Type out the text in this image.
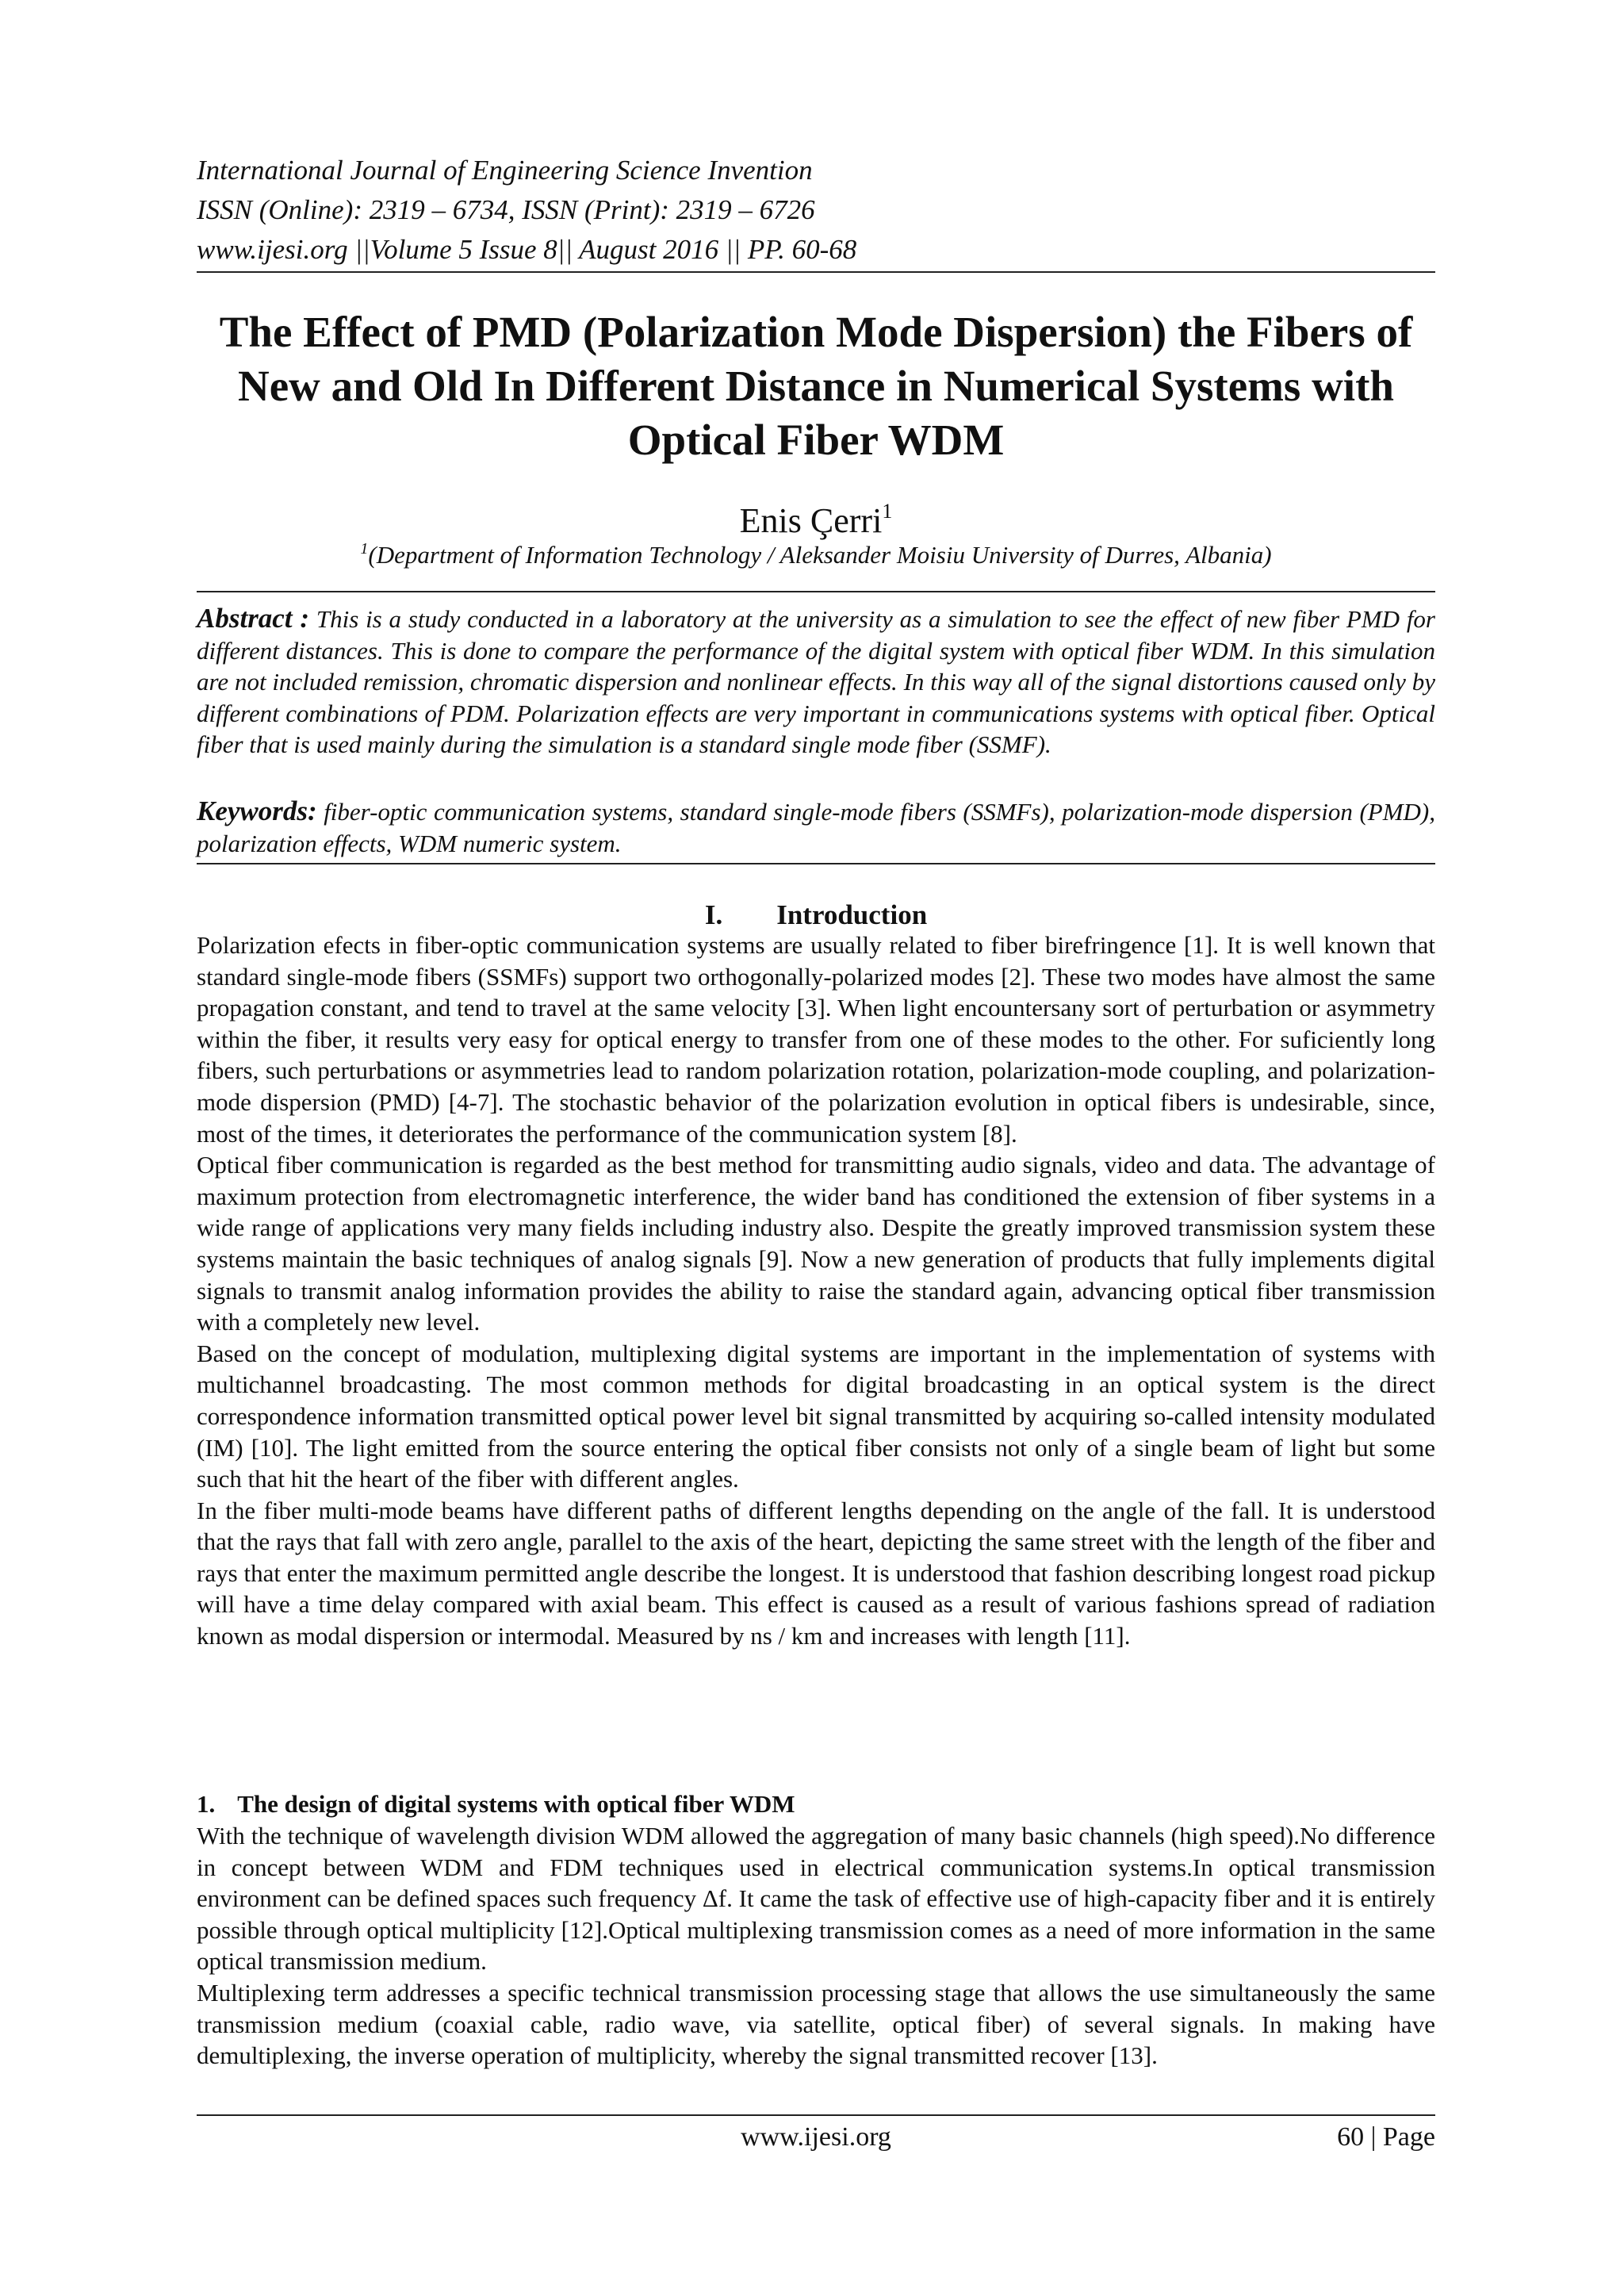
International Journal of Engineering Science Invention
ISSN (Online): 2319 – 6734, ISSN (Print): 2319 – 6726
www.ijesi.org ||Volume 5 Issue 8|| August 2016 || PP. 60-68
The Effect of PMD (Polarization Mode Dispersion) the Fibers of
New and Old In Different Distance in Numerical Systems with
Optical Fiber WDM
Enis Çerri$^1$
$^1$(Department of Information Technology / Aleksander Moisiu University of Durres, Albania)
Abstract : This is a study conducted in a laboratory at the university as a simulation to see the effect of new fiber PMD for different distances. This is done to compare the performance of the digital system with optical fiber WDM. In this simulation are not included remission, chromatic dispersion and nonlinear effects. In this way all of the signal distortions caused only by different combinations of PDM. Polarization effects are very important in communications systems with optical fiber. Optical fiber that is used mainly during the simulation is a standard single mode fiber (SSMF).
Keywords: fiber-optic communication systems, standard single-mode fibers (SSMFs), polarization-mode dispersion (PMD), polarization effects, WDM numeric system.
I. Introduction

Polarization efects in fiber-optic communication systems are usually related to fiber birefringence [1]. It is well known that standard single-mode fibers (SSMFs) support two orthogonally-polarized modes [2]. These two modes have almost the same propagation constant, and tend to travel at the same velocity [3]. When light encountersany sort of perturbation or asymmetry within the fiber, it results very easy for optical energy to transfer from one of these modes to the other. For suficiently long fibers, such perturbations or asymmetries lead to random polarization rotation, polarization-mode coupling, and polarization-mode dispersion (PMD) [4-7]. The stochastic behavior of the polarization evolution in optical fibers is undesirable, since, most of the times, it deteriorates the performance of the communication system [8].

Optical fiber communication is regarded as the best method for transmitting audio signals, video and data. The advantage of maximum protection from electromagnetic interference, the wider band has conditioned the extension of fiber systems in a wide range of applications very many fields including industry also. Despite the greatly improved transmission system these systems maintain the basic techniques of analog signals [9]. Now a new generation of products that fully implements digital signals to transmit analog information provides the ability to raise the standard again, advancing optical fiber transmission with a completely new level.

Based on the concept of modulation, multiplexing digital systems are important in the implementation of systems with multichannel broadcasting. The most common methods for digital broadcasting in an optical system is the direct correspondence information transmitted optical power level bit signal transmitted by acquiring so-called intensity modulated (IM) [10]. The light emitted from the source entering the optical fiber consists not only of a single beam of light but some such that hit the heart of the fiber with different angles.

In the fiber multi-mode beams have different paths of different lengths depending on the angle of the fall. It is understood that the rays that fall with zero angle, parallel to the axis of the heart, depicting the same street with the length of the fiber and rays that enter the maximum permitted angle describe the longest. It is understood that fashion describing longest road pickup will have a time delay compared with axial beam. This effect is caused as a result of various fashions spread of radiation known as modal dispersion or intermodal. Measured by ns / km and increases with length [11].

1. The design of digital systems with optical fiber WDM

With the technique of wavelength division WDM allowed the aggregation of many basic channels (high speed).No difference in concept between WDM and FDM techniques used in electrical communication systems.In optical transmission environment can be defined spaces such frequency Δf. It came the task of effective use of high-capacity fiber and it is entirely possible through optical multiplicity [12].Optical multiplexing transmission comes as a need of more information in the same optical transmission medium.

Multiplexing term addresses a specific technical transmission processing stage that allows the use simultaneously the same transmission medium (coaxial cable, radio wave, via satellite, optical fiber) of several signals. In making have demultiplexing, the inverse operation of multiplicity, whereby the signal transmitted recover [13].

www.ijesi.org	60 | Page
